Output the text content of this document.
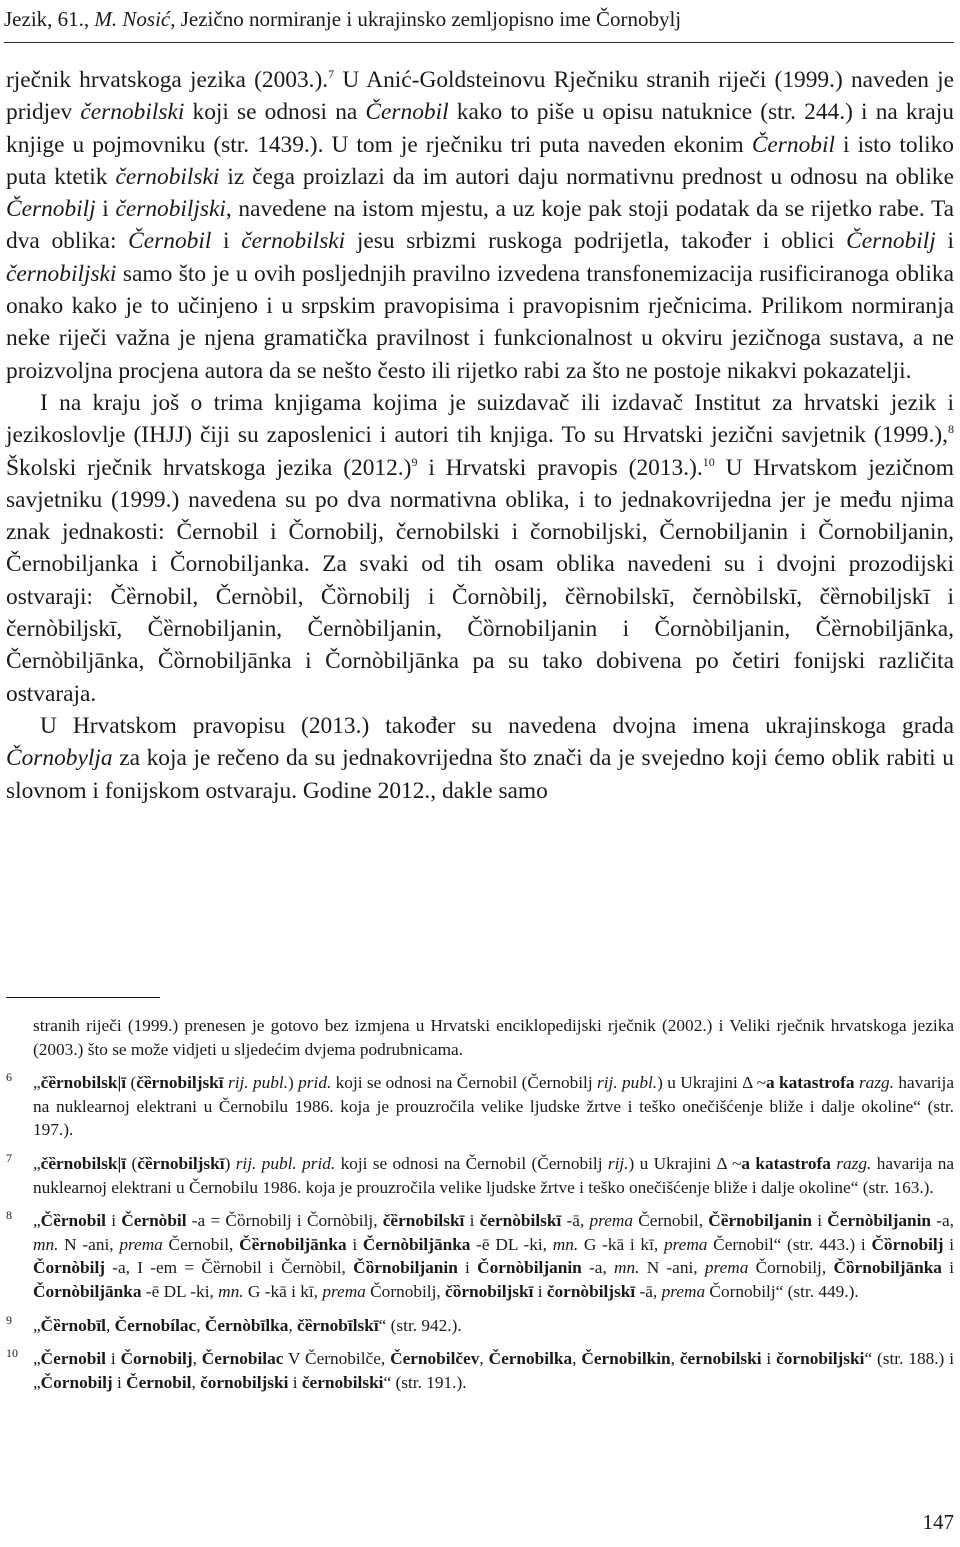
Jezik, 61., M. Nosić, Jezično normiranje i ukrajinsko zemljopisno ime Čornobylj

rječnik hrvatskoga jezika (2003.).$^7$ U Anić-Goldsteinovu Rječniku stranih riječi (1999.) naveden je pridjev černobilski koji se odnosi na Černobil kako to piše u opisu natuknice (str. 244.) i na kraju knjige u pojmovniku (str. 1439.). U tom je rječniku tri puta naveden ekonim Černobil i isto toliko puta ktetik černobilski iz čega proizlazi da im autori daju normativnu prednost u odnosu na oblike Černobilj i černobiljski, navedene na istom mjestu, a uz koje pak stoji podatak da se rijetko rabe. Ta dva oblika: Černobil i černobilski jesu srbizmi ruskoga podrijetla, također i oblici Černobilj i černobiljski samo što je u ovih posljednjih pravilno izvedena transfonemizacija rusificiranoga oblika onako kako je to učinjeno i u srpskim pravopisima i pravopisnim rječnicima. Prilikom normiranja neke riječi važna je njena gramatička pravilnost i funkcionalnost u okviru jezičnoga sustava, a ne proizvoljna procjena autora da se nešto često ili rijetko rabi za što ne postoje nikakvi pokazatelji.

I na kraju još o trima knjigama kojima je suizdavač ili izdavač Institut za hrvatski jezik i jezikoslovlje (IHJJ) čiji su zaposlenici i autori tih knjiga. To su Hrvatski jezični savjetnik (1999.),$^8$ Školski rječnik hrvatskoga jezika $(2012.)^9$ i Hrvatski pravopis (2013.).$^{10}$ U Hrvatskom jezičnom savjetniku (1999.) navedena su po dva normativna oblika, i to jednakovrijedna jer je među njima znak jednakosti: Černobil i Čornobilj, černobilski i čornobiljski, Černobiljanin i Čornobiljanin, Černobiljanka i Čornobiljanka. Za svaki od tih osam oblika navedeni su i dvojni prozodijski ostvaraji: Čȅrnobil, Černòbil, Čȍrnobilj i Čornòbilj, čȅrnobilskī, černòbilskī, čȅrnobiljskī i černòbiljskī, Čȅrnobiljanin, Černòbiljanin, Čȍrnobiljanin i Čornòbiljanin, Čȅrnobiljānka, Černòbiljānka, Čȍrnobiljānka i Čornòbiljānka pa su tako dobivena po četiri fonijski različita ostvaraja.

U Hrvatskom pravopisu (2013.) također su navedena dvojna imena ukrajinskoga grada Čornobylja za koja je rečeno da su jednakovrijedna što znači da je svejedno koji ćemo oblik rabiti u slovnom i fonijskom ostvaraju. Godine 2012., dakle samo

stranih riječi (1999.) prenesen je gotovo bez izmjena u Hrvatski enciklopedijski rječnik (2002.) i Veliki rječnik hrvatskoga jezika (2003.) što se može vidjeti u sljedećim dvjema podrubnicama.
6 „čȅrnobilsk|ī (čȅrnobiljskī rij. publ.) prid. koji se odnosi na Černobil (Černobilj rij. publ.) u Ukrajini Δ ~a katastrofa razg. havarija na nuklearnoj elektrani u Černobilu 1986. koja je prouzročila velike ljudske žrtve i teško onečišćenje bliže i dalje okoline“ (str. 197.).
7 „čȅrnobilsk|ī (čȅrnobiljskī) rij. publ. prid. koji se odnosi na Černobil (Černobilj rij.) u Ukrajini Δ ~a katastrofa razg. havarija na nuklearnoj elektrani u Černobilu 1986. koja je prouzročila velike ljudske žrtve i teško onečišćenje bliže i dalje okoline“ (str. 163.).
8 „Čȅrnobil i Černòbil -a = Čȍrnobilj i Čornòbilj, čȅrnobilskī i černòbilskī -ā, prema Černobil, Čȅrnobiljanin i Černòbiljanin -a, mn. N -ani, prema Černobil, Čȅrnobiljānka i Černòbiljānka -ē DL -ki, mn. G -kā i kī, prema Černobil“ (str. 443.) i Čȍrnobilj i Čornòbilj -a, I -em = Čȅrnobil i Černòbil, Čȍrnobiljanin i Čornòbiljanin -a, mn. N -ani, prema Čornobilj, Čȍrnobiljānka i Čornòbiljānka -ē DL -ki, mn. G -kā i kī, prema Čornobilj, čȍrnobiljskī i čornòbiljskī -ā, prema Čornobilj“ (str. 449.).
9 „Čȅrnobīl, Černobílac, Černòbīlka, čȅrnobīlskī“ (str. 942.).
10 „Černobil i Čornobilj, Černobilac V Černobilče, Černobilčev, Černobilka, Černobilkin, černobilski i čornobiljski“ (str. 188.) i „Čornobilj i Černobil, čornobiljski i černobilski“ (str. 191.).
147
